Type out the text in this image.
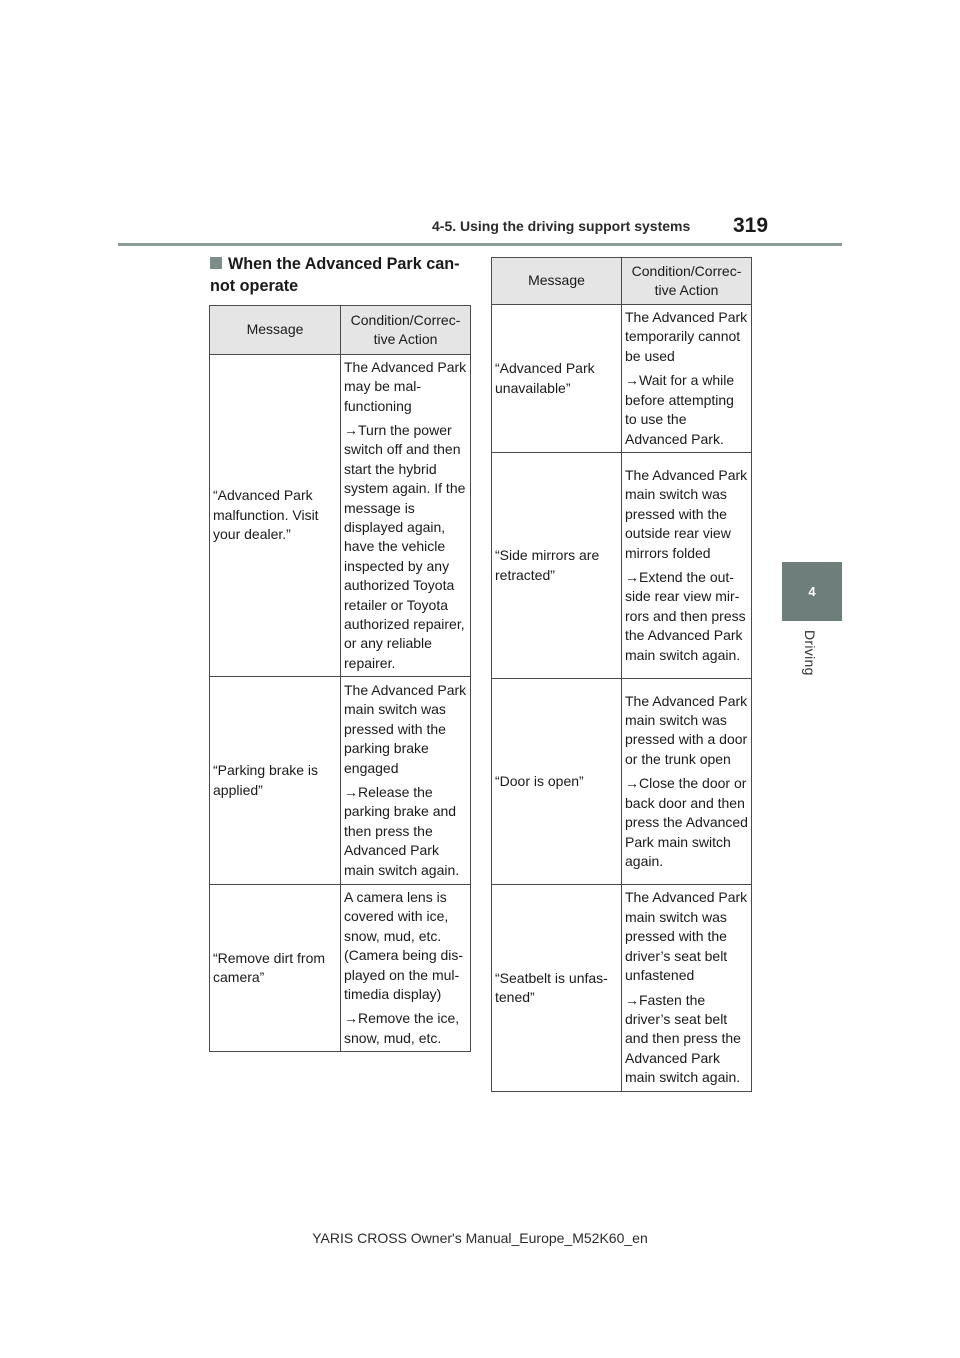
4-5. Using the driving support systems 319
4
Driving
When the Advanced Park can-
not operate
Message	Condition/Correc-
tive Action
“Advanced Park malfunction. Visit your dealer.”	The Advanced Park may be mal-functioning

→Turn the power switch off and then start the hybrid system again. If the message is displayed again, have the vehicle inspected by any authorized Toyota retailer or Toyota authorized repairer, or any reliable repairer.

“Parking brake is applied”	The Advanced Park main switch was pressed with the parking brake engaged

→Release the parking brake and then press the Advanced Park main switch again.

“Remove dirt from camera”	A camera lens is covered with ice, snow, mud, etc. (Camera being dis-played on the mul-timedia display)

→Remove the ice, snow, mud, etc.

Message	Condition/Correc-
tive Action
“Advanced Park unavailable”	The Advanced Park temporarily cannot be used

→Wait for a while before attempting to use the Advanced Park.

“Side mirrors are retracted”	The Advanced Park main switch was pressed with the outside rear view mirrors folded

→Extend the out-side rear view mir-rors and then press the Advanced Park main switch again.

“Door is open”	The Advanced Park main switch was pressed with a door or the trunk open

→Close the door or back door and then press the Advanced Park main switch again.

“Seatbelt is unfas-tened”	The Advanced Park main switch was pressed with the driver’s seat belt unfastened

→Fasten the driver’s seat belt and then press the Advanced Park main switch again.

YARIS CROSS Owner's Manual_Europe_M52K60_en
